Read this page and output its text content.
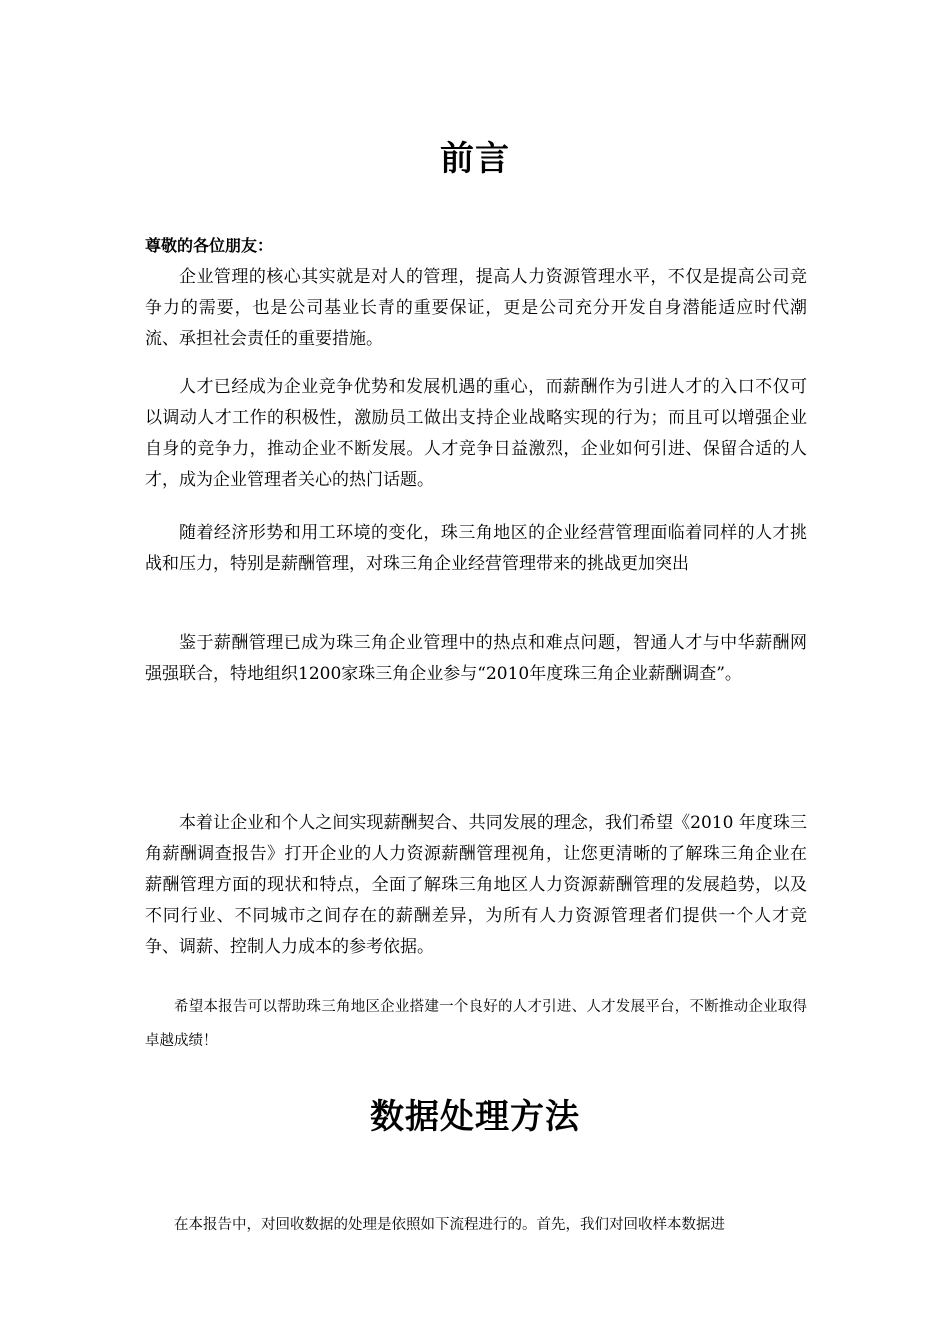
前言

尊敬的各位朋友：

企业管理的核心其实就是对人的管理，提高人力资源管理水平，不仅是提高公司竞争力的需要，也是公司基业长青的重要保证，更是公司充分开发自身潜能适应时代潮流、承担社会责任的重要措施。

人才已经成为企业竞争优势和发展机遇的重心，而薪酬作为引进人才的入口不仅可以调动人才工作的积极性，激励员工做出支持企业战略实现的行为；而且可以增强企业自身的竞争力，推动企业不断发展。人才竞争日益激烈，企业如何引进、保留合适的人才，成为企业管理者关心的热门话题。

随着经济形势和用工环境的变化，珠三角地区的企业经营管理面临着同样的人才挑战和压力，特别是薪酬管理，对珠三角企业经营管理带来的挑战更加突出

鉴于薪酬管理已成为珠三角企业管理中的热点和难点问题，智通人才与中华薪酬网强强联合，特地组织1200家珠三角企业参与“2010年度珠三角企业薪酬调查”。

本着让企业和个人之间实现薪酬契合、共同发展的理念，我们希望《2010 年度珠三角薪酬调查报告》打开企业的人力资源薪酬管理视角，让您更清晰的了解珠三角企业在薪酬管理方面的现状和特点，全面了解珠三角地区人力资源薪酬管理的发展趋势，以及不同行业、不同城市之间存在的薪酬差异，为所有人力资源管理者们提供一个人才竞争、调薪、控制人力成本的参考依据。

希望本报告可以帮助珠三角地区企业搭建一个良好的人才引进、人才发展平台，不断推动企业取得卓越成绩！

数据处理方法

在本报告中，对回收数据的处理是依照如下流程进行的。首先，我们对回收样本数据进
